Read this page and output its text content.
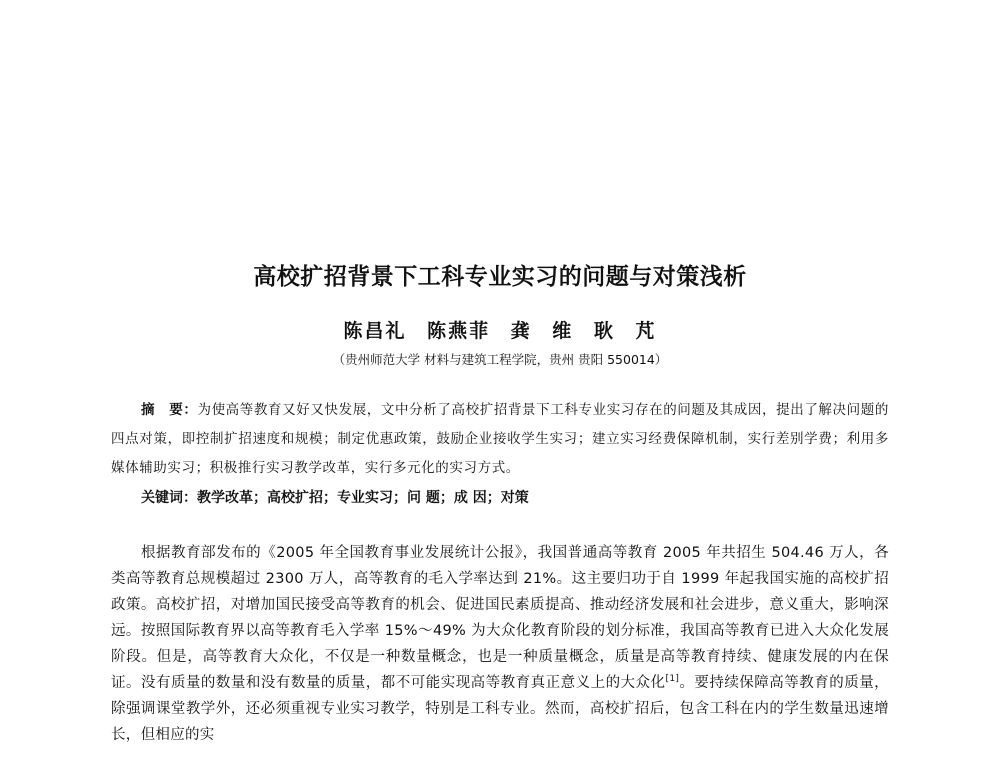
高校扩招背景下工科专业实习的问题与对策浅析
陈昌礼 陈燕菲 龚 维 耿 芃
（贵州师范大学 材料与建筑工程学院，贵州 贵阳 550014）
摘　要：为使高等教育又好又快发展，文中分析了高校扩招背景下工科专业实习存在的问题及其成因，提出了解决问题的四点对策，即控制扩招速度和规模；制定优惠政策，鼓励企业接收学生实习；建立实习经费保障机制，实行差别学费；利用多媒体辅助实习；积极推行实习教学改革，实行多元化的实习方式。
关键词：教学改革；高校扩招；专业实习；问 题；成 因；对策
根据教育部发布的《2005 年全国教育事业发展统计公报》，我国普通高等教育 2005 年共招生 504.46 万人，各类高等教育总规模超过 2300 万人，高等教育的毛入学率达到 21%。这主要归功于自 1999 年起我国实施的高校扩招政策。高校扩招，对增加国民接受高等教育的机会、促进国民素质提高、推动经济发展和社会进步，意义重大，影响深远。按照国际教育界以高等教育毛入学率 15%～49% 为大众化教育阶段的划分标准，我国高等教育已进入大众化发展阶段。但是，高等教育大众化，不仅是一种数量概念，也是一种质量概念，质量是高等教育持续、健康发展的内在保证。没有质量的数量和没有数量的质量，都不可能实现高等教育真正意义上的大众化[1]。要持续保障高等教育的质量，除强调课堂教学外，还必须重视专业实习教学，特别是工科专业。然而，高校扩招后，包含工科在内的学生数量迅速增长，但相应的实
